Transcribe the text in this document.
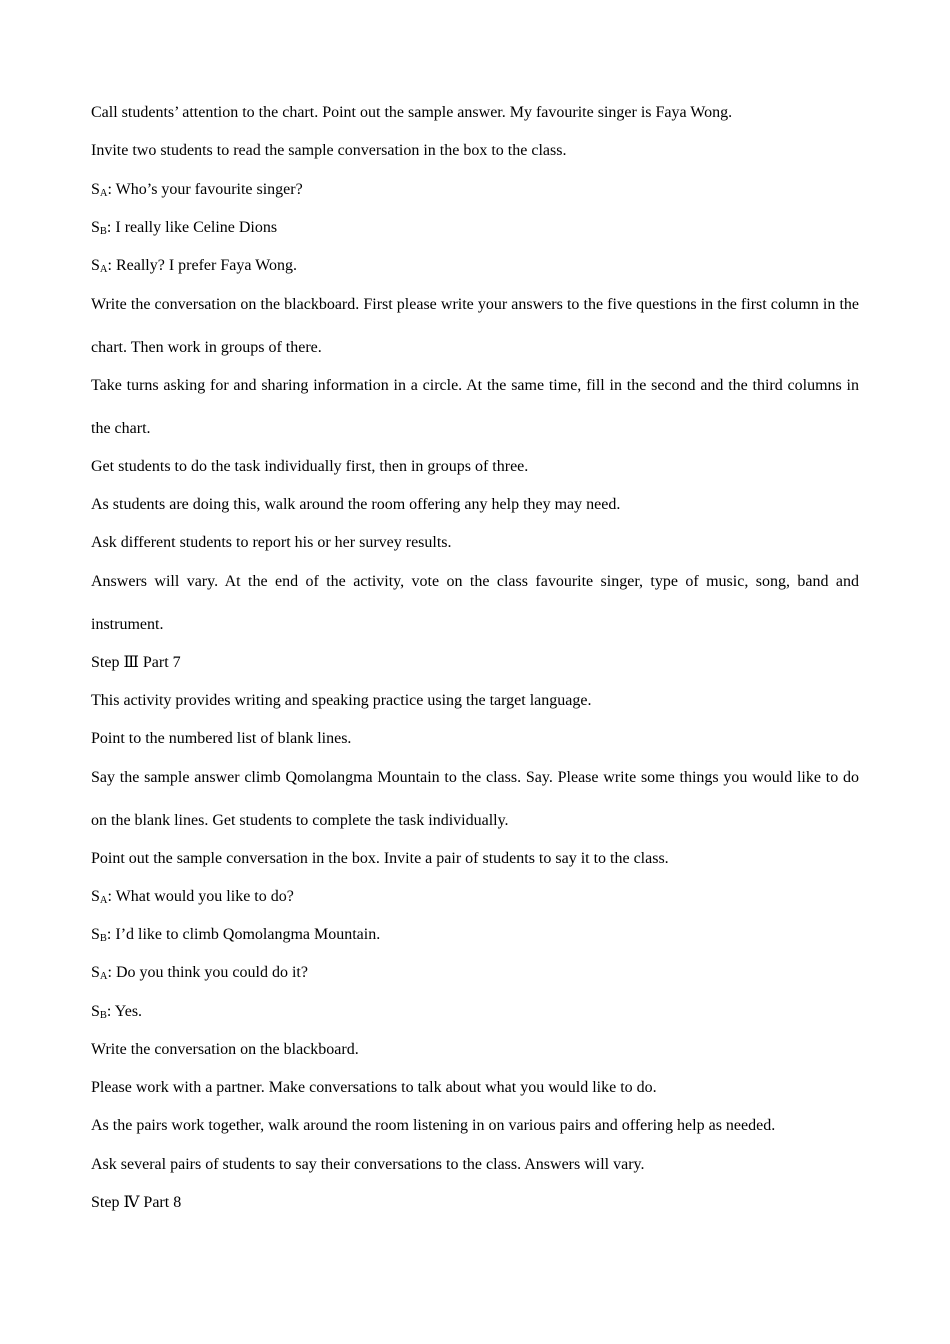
Call students’ attention to the chart. Point out the sample answer. My favourite singer is Faya Wong.
Invite two students to read the sample conversation in the box to the class.
SA: Who’s your favourite singer?
SB: I really like Celine Dions
SA: Really? I prefer Faya Wong.
Write the conversation on the blackboard. First please write your answers to the five questions in the first column in the chart. Then work in groups of there.
Take turns asking for and sharing information in a circle. At the same time, fill in the second and the third columns in the chart.
Get students to do the task individually first, then in groups of three.
As students are doing this, walk around the room offering any help they may need.
Ask different students to report his or her survey results.
Answers will vary. At the end of the activity, vote on the class favourite singer, type of music, song, band and instrument.
Step Ⅲ Part 7
This activity provides writing and speaking practice using the target language.
Point to the numbered list of blank lines.
Say the sample answer climb Qomolangma Mountain to the class. Say. Please write some things you would like to do on the blank lines. Get students to complete the task individually.
Point out the sample conversation in the box. Invite a pair of students to say it to the class.
SA: What would you like to do?
SB: I’d like to climb Qomolangma Mountain.
SA: Do you think you could do it?
SB: Yes.
Write the conversation on the blackboard.
Please work with a partner. Make conversations to talk about what you would like to do.
As the pairs work together, walk around the room listening in on various pairs and offering help as needed.
Ask several pairs of students to say their conversations to the class. Answers will vary.
Step Ⅳ Part 8
